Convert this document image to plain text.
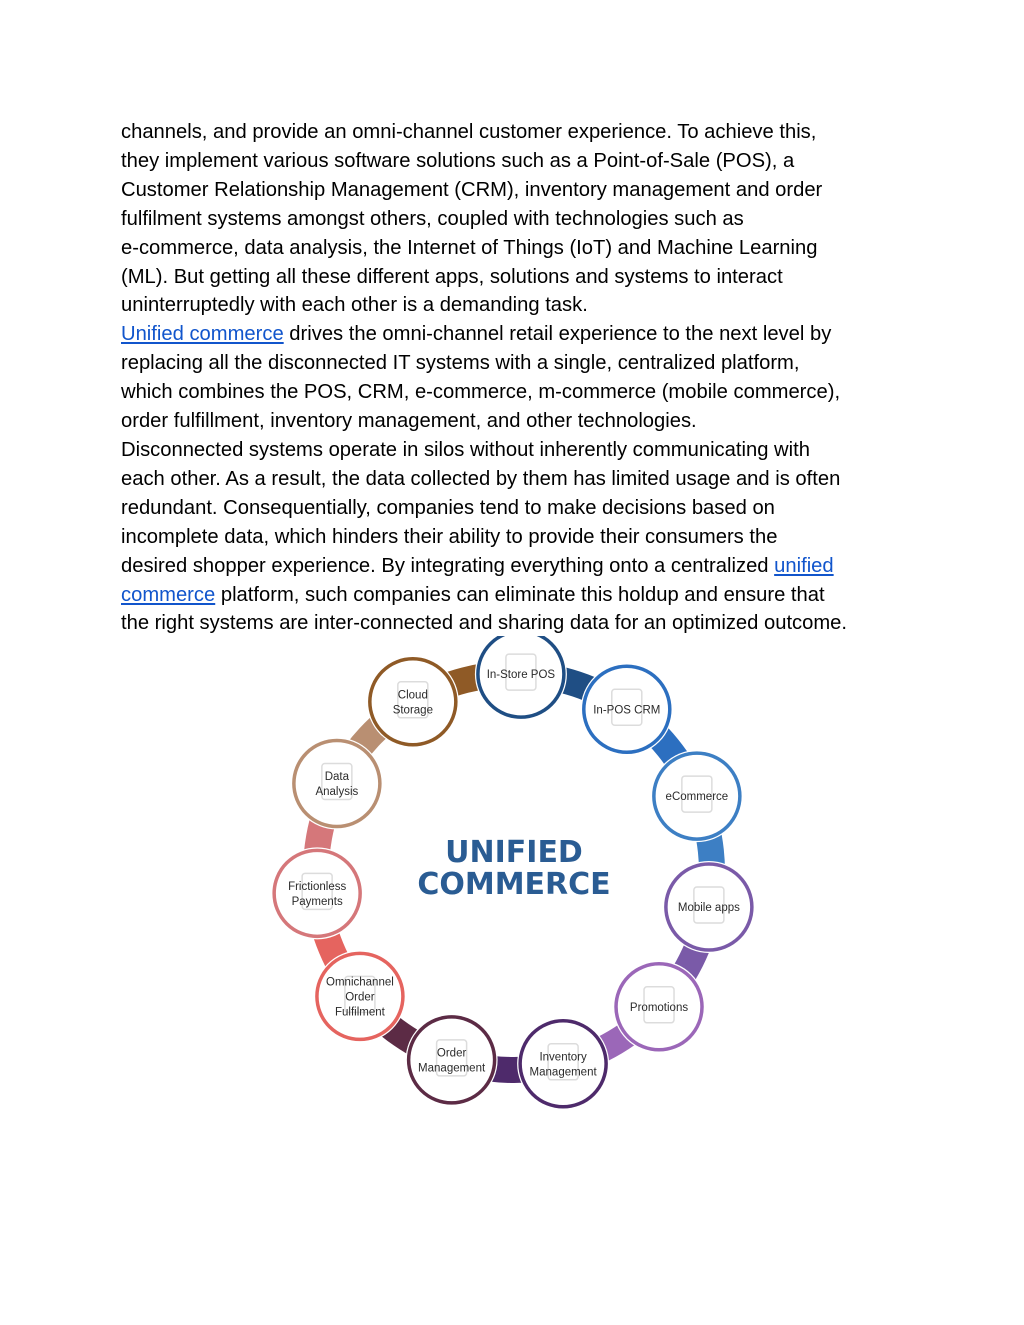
channels, and provide an omni-channel customer experience. To achieve this,

they implement various software solutions such as a Point-of-Sale (POS), a

Customer Relationship Management (CRM), inventory management and order

fulfilment systems amongst others, coupled with technologies such as

e-commerce, data analysis, the Internet of Things (IoT) and Machine Learning

(ML). But getting all these different apps, solutions and systems to interact

uninterruptedly with each other is a demanding task.

Unified commerce drives the omni-channel retail experience to the next level by

replacing all the disconnected IT systems with a single, centralized platform,

which combines the POS, CRM, e-commerce, m-commerce (mobile commerce),

order fulfillment, inventory management, and other technologies.

Disconnected systems operate in silos without inherently communicating with

each other. As a result, the data collected by them has limited usage and is often

redundant. Consequentially, companies tend to make decisions based on

incomplete data, which hinders their ability to provide their consumers the

desired shopper experience. By integrating everything onto a centralized unified

commerce platform, such companies can eliminate this holdup and ensure that

the right systems are inter-connected and sharing data for an optimized outcome.

In-Store POS
In-POS CRM
eCommerce
Mobile apps
Promotions
Inventory
Management
Order
Management
Omnichannel
Order
Fulfilment
Frictionless
Payments
Data
Analysis
Cloud
Storage
UNIFIED
COMMERCE
